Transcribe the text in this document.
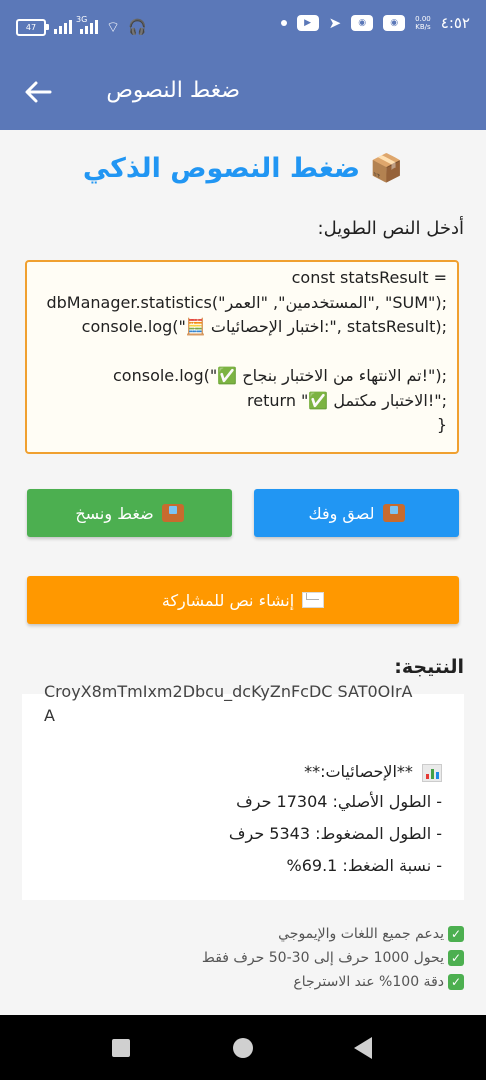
47
3G ⌔ 🎧	▶	➤	◉	◉	0.00
KB/s ٤:٥٢
ضغط النصوص
📦 ضغط النصوص الذكي
أدخل النص الطويل:
const statsResult =
dbManager.statistics("المستخدمين", "العمر", "SUM");
console.log("🧮 اختبار الإحصائيات:", statsResult);
console.log("✅ تم الانتهاء من الاختبار بنجاح!");
return "✅ الاختبار مكتمل!";
}
لصق وفك
ضغط ونسخ
إنشاء نص للمشاركة
النتيجة:
CroyX8mTmIxm2Dbcu_dcKyZnFcDC SAT0OIrA
A
**الإحصائيات:**
- الطول الأصلي: 17304 حرف
- الطول المضغوط: 5343 حرف
- نسبة الضغط: 69.1%
✓
يدعم جميع اللغات والإيموجي
✓
يحول 1000 حرف إلى 30-50 حرف فقط
✓
دقة 100% عند الاسترجاع
